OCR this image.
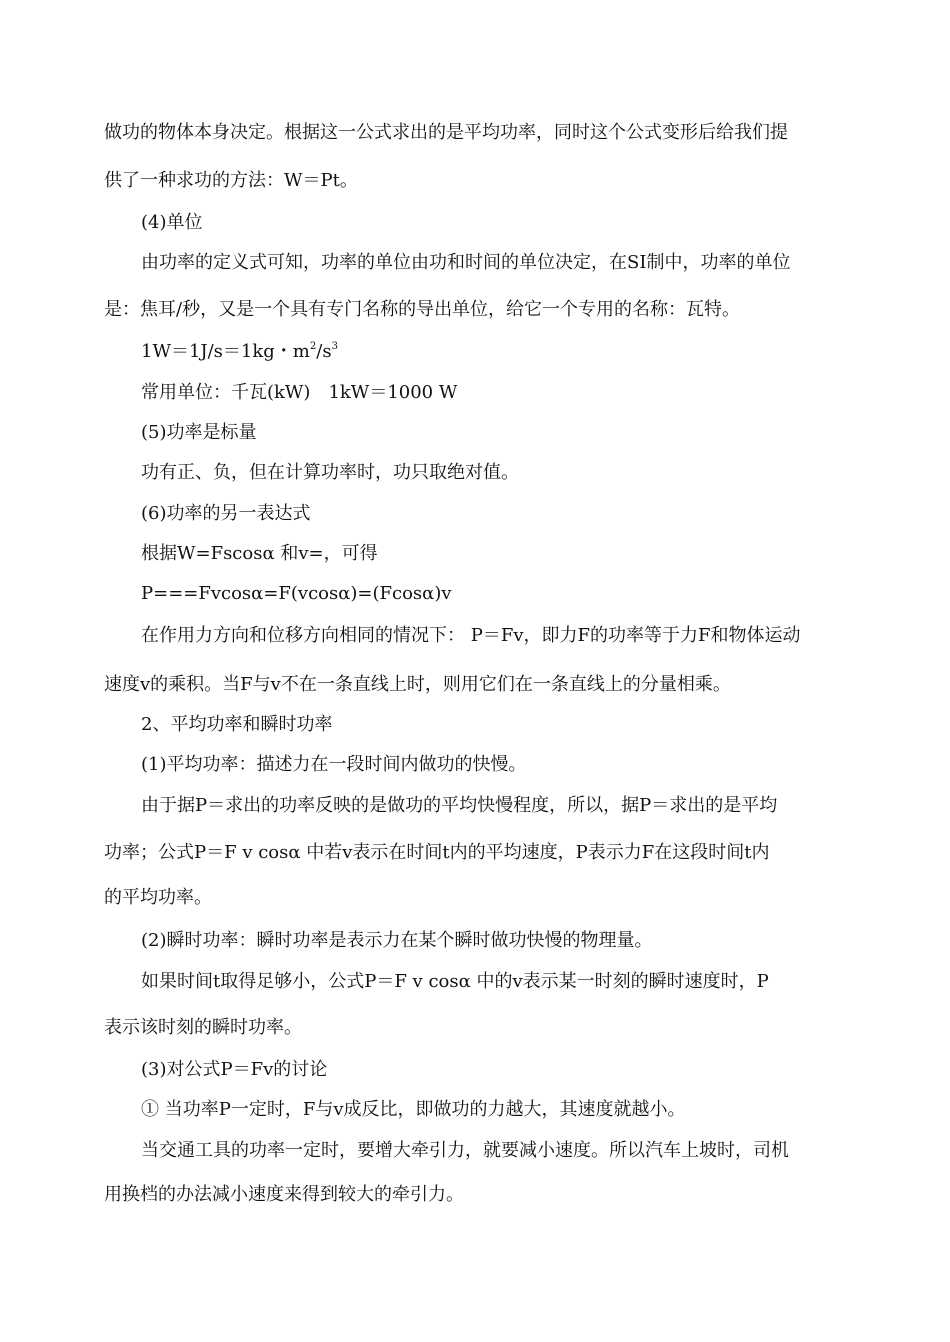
做功的物体本身决定。根据这一公式求出的是平均功率，同时这个公式变形后给我们提
供了一种求功的方法：W＝Pt。
(4)单位
由功率的定义式可知，功率的单位由功和时间的单位决定，在SI制中，功率的单位
是：焦耳/秒，又是一个具有专门名称的导出单位，给它一个专用的名称：瓦特。
1W＝1J/s＝1kg・$m^2/s^3$
常用单位：千瓦(kW)　1kW＝1000 W
(5)功率是标量
功有正、负，但在计算功率时，功只取绝对值。
(6)功率的另一表达式
根据W=Fscosα 和v=，可得
P===Fvcosα=F(vcosα)=(Fcosα)v
在作用力方向和位移方向相同的情况下： P＝Fv，即力F的功率等于力F和物体运动
速度v的乘积。当F与v不在一条直线上时，则用它们在一条直线上的分量相乘。
2、平均功率和瞬时功率
(1)平均功率：描述力在一段时间内做功的快慢。
由于据P＝求出的功率反映的是做功的平均快慢程度，所以，据P＝求出的是平均
功率；公式P＝F v cosα 中若v表示在时间t内的平均速度，P表示力F在这段时间t内
的平均功率。
(2)瞬时功率：瞬时功率是表示力在某个瞬时做功快慢的物理量。
如果时间t取得足够小，公式P＝F v cosα 中的v表示某一时刻的瞬时速度时，P
表示该时刻的瞬时功率。
(3)对公式P＝Fv的讨论
① 当功率P一定时，F与v成反比，即做功的力越大，其速度就越小。
当交通工具的功率一定时，要增大牵引力，就要减小速度。所以汽车上坡时，司机
用换档的办法减小速度来得到较大的牵引力。
